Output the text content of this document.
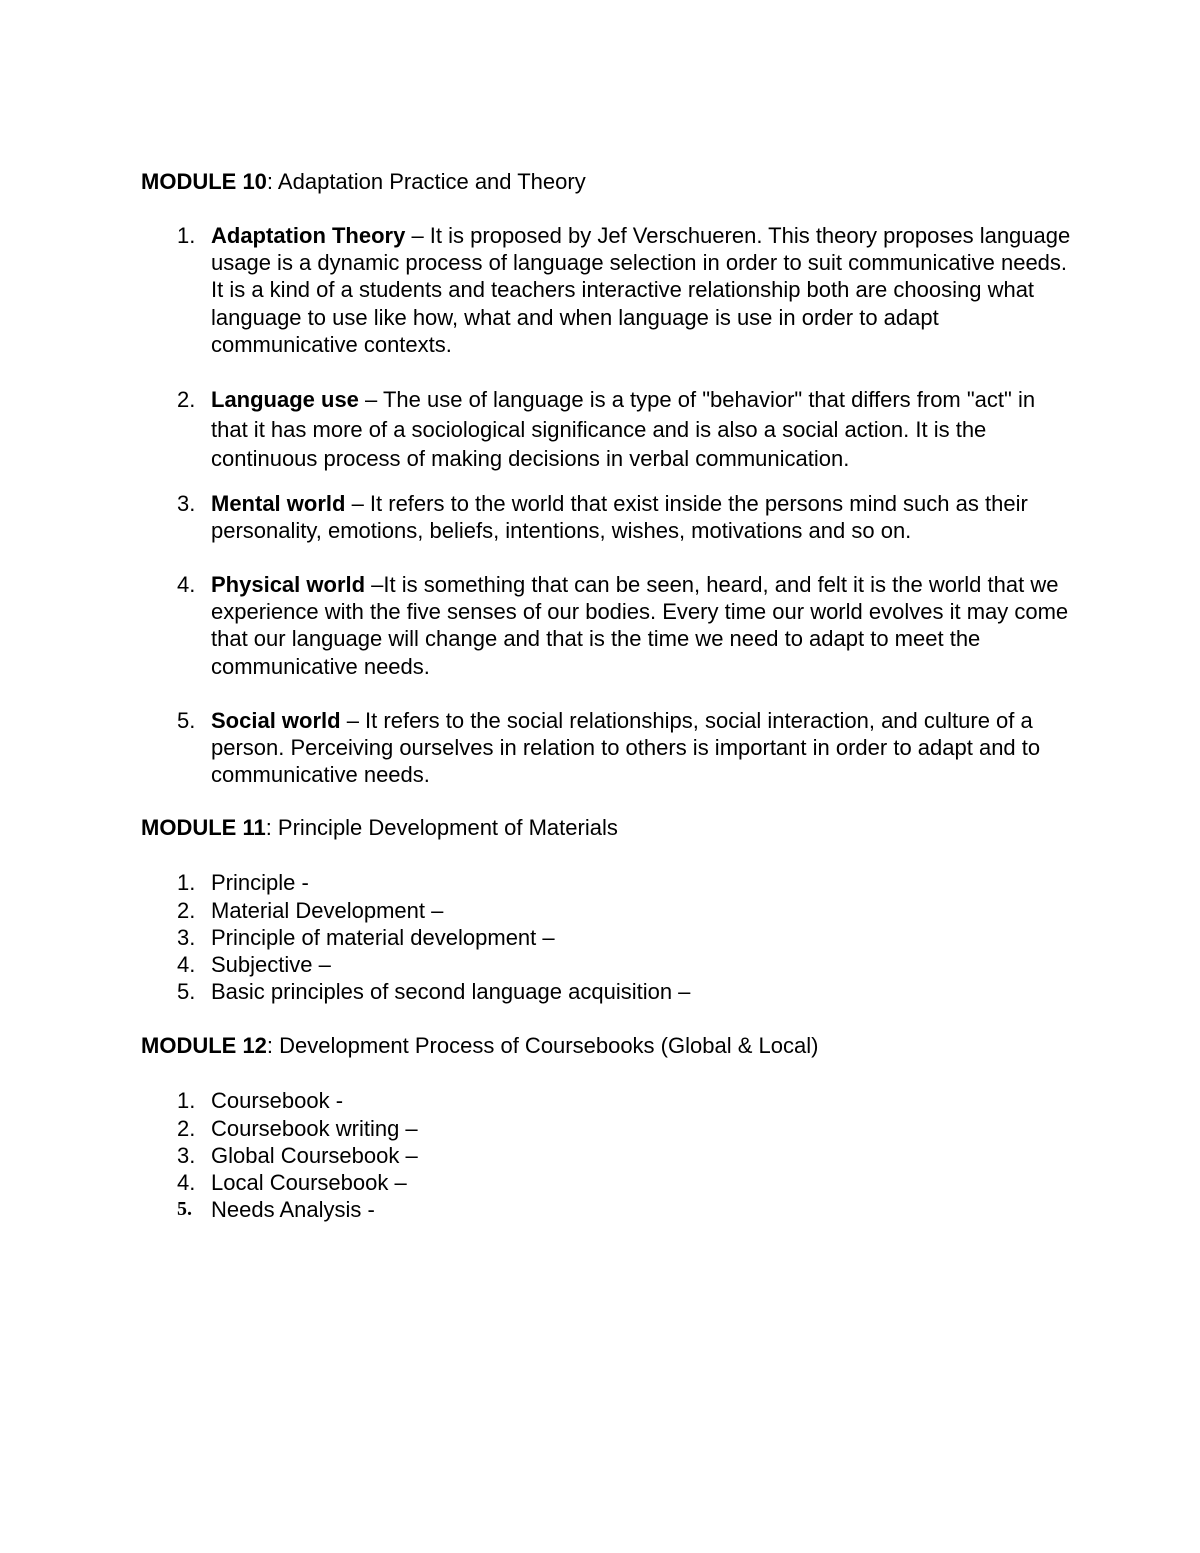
MODULE 10: Adaptation Practice and Theory
1. Adaptation Theory – It is proposed by Jef Verschueren. This theory proposes language usage is a dynamic process of language selection in order to suit communicative needs. It is a kind of a students and teachers interactive relationship both are choosing what language to use like how, what and when language is use in order to adapt communicative contexts.
2. Language use – The use of language is a type of "behavior" that differs from "act" in that it has more of a sociological significance and is also a social action. It is the continuous process of making decisions in verbal communication.
3. Mental world – It refers to the world that exist inside the persons mind such as their personality, emotions, beliefs, intentions, wishes, motivations and so on.
4. Physical world –It is something that can be seen, heard, and felt it is the world that we experience with the five senses of our bodies. Every time our world evolves it may come that our language will change and that is the time we need to adapt to meet the communicative needs.
5. Social world – It refers to the social relationships, social interaction, and culture of a person. Perceiving ourselves in relation to others is important in order to adapt and to communicative needs.
MODULE 11: Principle Development of Materials
1. Principle -
2. Material Development –
3. Principle of material development –
4. Subjective –
5. Basic principles of second language acquisition –
MODULE 12: Development Process of Coursebooks (Global & Local)
1. Coursebook -
2. Coursebook writing –
3. Global Coursebook –
4. Local Coursebook –
5. Needs Analysis -
